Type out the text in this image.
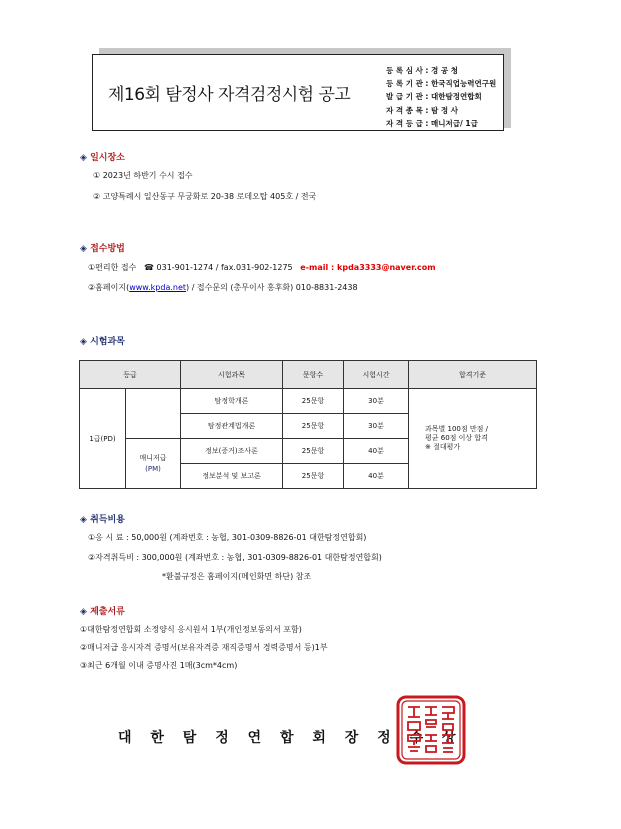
제16회 탐정사 자격검정시험 공고
등 록 심 사 : 경 공 청
등 록 기 관 : 한국직업능력연구원
발 급 기 관 : 대한탐정연합회
자 격 종 목 : 탐 정 사
자 격 등 급 : 매니저급/ 1급
◈ 일시장소
① 2023년 하반기 수시 접수
② 고양특례시 일산동구 무궁화로 20-38 로데오탑 405호 / 전국
◈ 접수방법
①편리한 접수 ☎ 031-901-1274 / fax.031-902-1275 e-mail : kpda3333@naver.com
②홈페이지(www.kpda.net) / 접수문의 (총무이사 홍후화) 010-8831-2438
◈ 시험과목
등급		시험과목	문항수	시험시간	합격기준
1급(PD)		탐정학개론	25문항	30분	과목별 100점 만점 /
평균 60점 이상 합격
※ 절대평가

		탐정관계법개론	25문항	30분	

	매니저급
(PM)	정보(증거)조사론	25문항	40분	
		정보분석 및 보고론	25문항	40분	
◈ 취득비용
①응 시 료 : 50,000원 (계좌번호 : 농협, 301-0309-8826-01 대한탐정연합회)
②자격취득비 : 300,000원 (계좌번호 : 농협, 301-0309-8826-01 대한탐정연합회)
*환불규정은 홈페이지(메인화면 하단) 참조
◈ 제출서류
①대한탐정연합회 소정양식 응시원서 1부(개인정보동의서 포함)
②매니저급 응시자격 증명서(보유자격증 재직증명서 경력증명서 등)1부
③최근 6개월 이내 증명사진 1매(3cm*4cm)
대 한 탐 정 연 합 회 장 정 수 상
